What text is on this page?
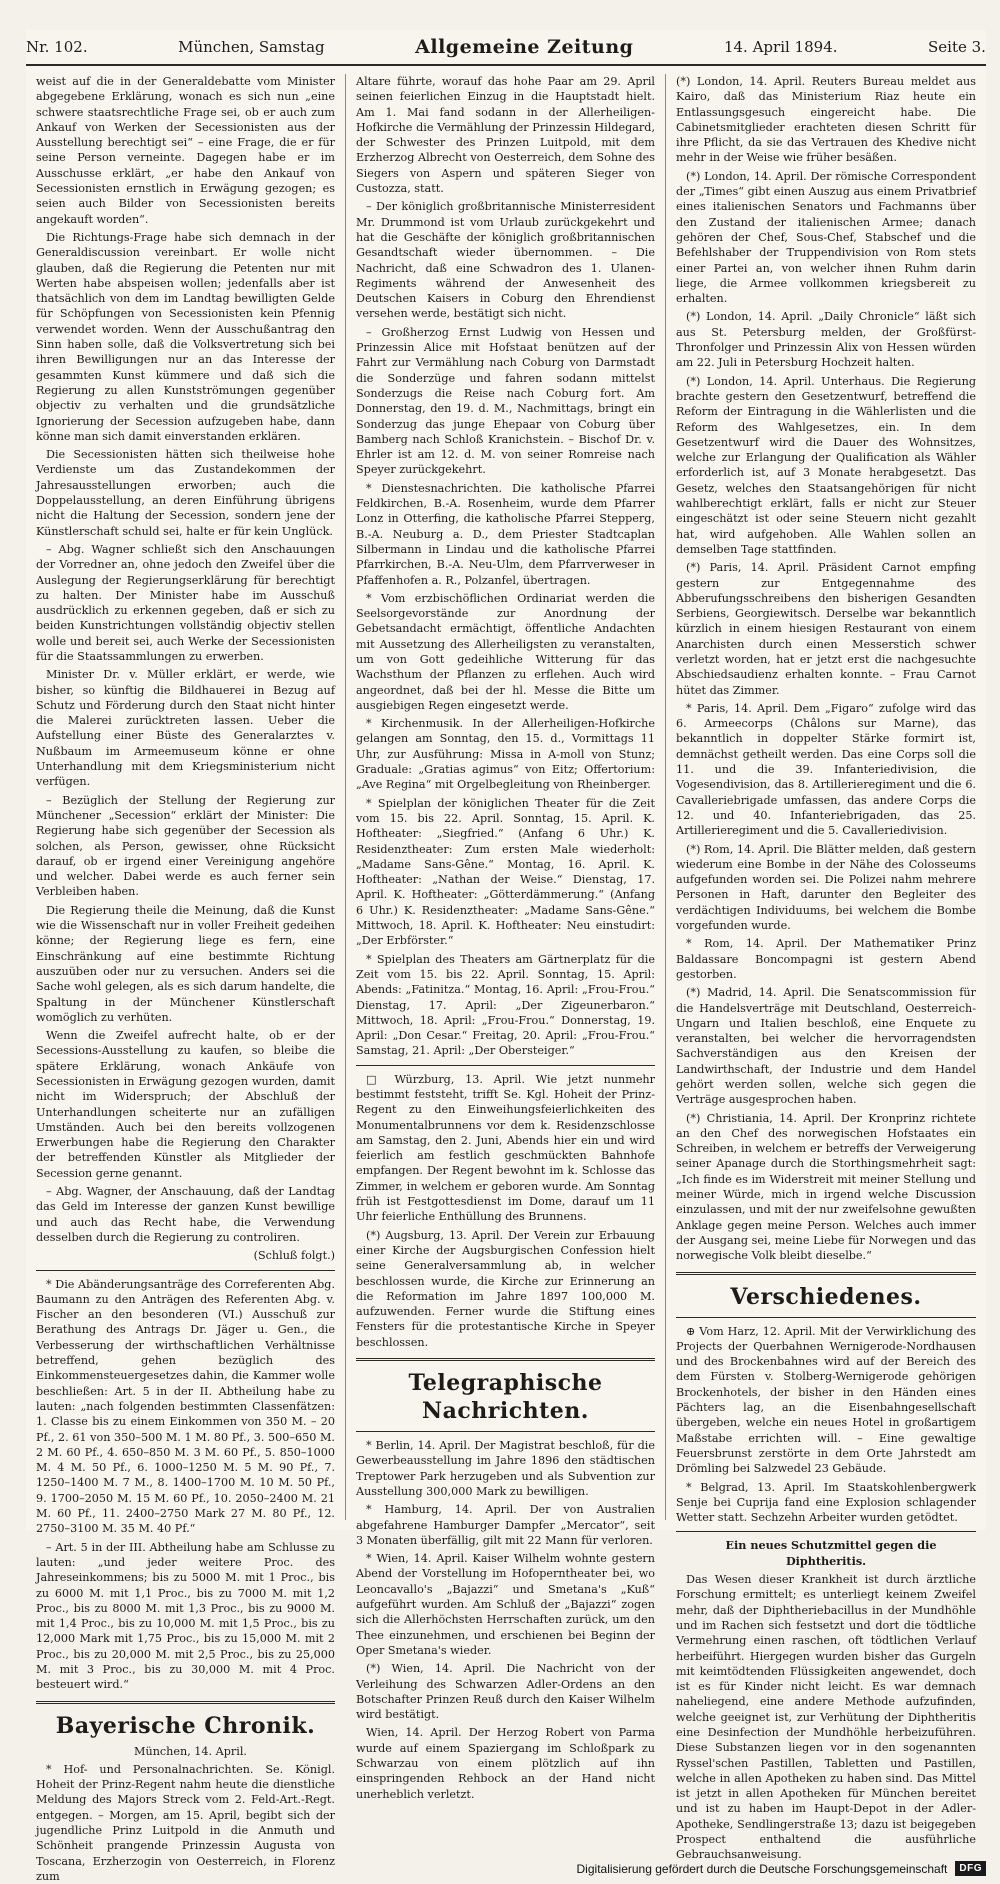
Nr. 102.	München, Samstag	Allgemeine Zeitung	14. April 1894.	Seite 3.

weist auf die in der Generaldebatte vom Minister abgegebene Erklärung, wonach es sich nun „eine schwere staatsrechtliche Frage sei, ob er auch zum Ankauf von Werken der Secessionisten aus der Ausstellung berechtigt sei“ – eine Frage, die er für seine Person verneinte. Dagegen habe er im Ausschusse erklärt, „er habe den Ankauf von Secessionisten ernstlich in Erwägung gezogen; es seien auch Bilder von Secessionisten bereits angekauft worden“.

Die Richtungs-Frage habe sich demnach in der Generaldiscussion vereinbart. Er wolle nicht glauben, daß die Regierung die Petenten nur mit Werten habe abspeisen wollen; jedenfalls aber ist thatsächlich von dem im Landtag bewilligten Gelde für Schöpfungen von Secessionisten kein Pfennig verwendet worden. Wenn der Ausschußantrag den Sinn haben solle, daß die Volksvertretung sich bei ihren Bewilligungen nur an das Interesse der gesammten Kunst kümmere und daß sich die Regierung zu allen Kunstströmungen gegenüber objectiv zu verhalten und die grundsätzliche Ignorierung der Secession aufzugeben habe, dann könne man sich damit einverstanden erklären.

Die Secessionisten hätten sich theilweise hohe Verdienste um das Zustandekommen der Jahresausstellungen erworben; auch die Doppelausstellung, an deren Einführung übrigens nicht die Haltung der Secession, sondern jene der Künstlerschaft schuld sei, halte er für kein Unglück.

– Abg. Wagner schließt sich den Anschauungen der Vorredner an, ohne jedoch den Zweifel über die Auslegung der Regierungserklärung für berechtigt zu halten. Der Minister habe im Ausschuß ausdrücklich zu erkennen gegeben, daß er sich zu beiden Kunstrichtungen vollständig objectiv stellen wolle und bereit sei, auch Werke der Secessionisten für die Staatssammlungen zu erwerben.

Minister Dr. v. Müller erklärt, er werde, wie bisher, so künftig die Bildhauerei in Bezug auf Schutz und Förderung durch den Staat nicht hinter die Malerei zurücktreten lassen. Ueber die Aufstellung einer Büste des Generalarztes v. Nußbaum im Armeemuseum könne er ohne Unterhandlung mit dem Kriegsministerium nicht verfügen.

– Bezüglich der Stellung der Regierung zur Münchener „Secession“ erklärt der Minister: Die Regierung habe sich gegenüber der Secession als solchen, als Person, gewisser, ohne Rücksicht darauf, ob er irgend einer Vereinigung angehöre und welcher. Dabei werde es auch ferner sein Verbleiben haben.

Die Regierung theile die Meinung, daß die Kunst wie die Wissenschaft nur in voller Freiheit gedeihen könne; der Regierung liege es fern, eine Einschränkung auf eine bestimmte Richtung auszuüben oder nur zu versuchen. Anders sei die Sache wohl gelegen, als es sich darum handelte, die Spaltung in der Münchener Künstlerschaft womöglich zu verhüten.

Wenn die Zweifel aufrecht halte, ob er der Secessions-Ausstellung zu kaufen, so bleibe die spätere Erklärung, wonach Ankäufe von Secessionisten in Erwägung gezogen wurden, damit nicht im Widerspruch; der Abschluß der Unterhandlungen scheiterte nur an zufälligen Umständen. Auch bei den bereits vollzogenen Erwerbungen habe die Regierung den Charakter der betreffenden Künstler als Mitglieder der Secession gerne genannt.

– Abg. Wagner, der Anschauung, daß der Landtag das Geld im Interesse der ganzen Kunst bewillige und auch das Recht habe, die Verwendung desselben durch die Regierung zu controliren.

(Schluß folgt.)

* Die Abänderungsanträge des Correferenten Abg. Baumann zu den Anträgen des Referenten Abg. v. Fischer an den besonderen (VI.) Ausschuß zur Berathung des Antrags Dr. Jäger u. Gen., die Verbesserung der wirthschaftlichen Verhältnisse betreffend, gehen bezüglich des Einkommensteuergesetzes dahin, die Kammer wolle beschließen: Art. 5 in der II. Abtheilung habe zu lauten: „nach folgenden bestimmten Classenfätzen: 1. Classe bis zu einem Einkommen von 350 M. – 20 Pf., 2. 61 von 350–500 M. 1 M. 80 Pf., 3. 500–650 M. 2 M. 60 Pf., 4. 650–850 M. 3 M. 60 Pf., 5. 850–1000 M. 4 M. 50 Pf., 6. 1000–1250 M. 5 M. 90 Pf., 7. 1250–1400 M. 7 M., 8. 1400–1700 M. 10 M. 50 Pf., 9. 1700–2050 M. 15 M. 60 Pf., 10. 2050–2400 M. 21 M. 60 Pf., 11. 2400–2750 Mark 27 M. 80 Pf., 12. 2750–3100 M. 35 M. 40 Pf.“

– Art. 5 in der III. Abtheilung habe am Schlusse zu lauten: „und jeder weitere Proc. des Jahreseinkommens; bis zu 5000 M. mit 1 Proc., bis zu 6000 M. mit 1,1 Proc., bis zu 7000 M. mit 1,2 Proc., bis zu 8000 M. mit 1,3 Proc., bis zu 9000 M. mit 1,4 Proc., bis zu 10,000 M. mit 1,5 Proc., bis zu 12,000 Mark mit 1,75 Proc., bis zu 15,000 M. mit 2 Proc., bis zu 20,000 M. mit 2,5 Proc., bis zu 25,000 M. mit 3 Proc., bis zu 30,000 M. mit 4 Proc. besteuert wird.“

Bayerische Chronik.

München, 14. April.

* Hof- und Personalnachrichten. Se. Königl. Hoheit der Prinz-Regent nahm heute die dienstliche Meldung des Majors Streck vom 2. Feld-Art.-Regt. entgegen. – Morgen, am 15. April, begibt sich der jugendliche Prinz Luitpold in die Anmuth und Schönheit prangende Prinzessin Augusta von Toscana, Erzherzogin von Oesterreich, in Florenz zum

Altare führte, worauf das hohe Paar am 29. April seinen feierlichen Einzug in die Hauptstadt hielt. Am 1. Mai fand sodann in der Allerheiligen-Hofkirche die Vermählung der Prinzessin Hildegard, der Schwester des Prinzen Luitpold, mit dem Erzherzog Albrecht von Oesterreich, dem Sohne des Siegers von Aspern und späteren Sieger von Custozza, statt.

– Der königlich großbritannische Ministerresident Mr. Drummond ist vom Urlaub zurückgekehrt und hat die Geschäfte der königlich großbritannischen Gesandtschaft wieder übernommen. – Die Nachricht, daß eine Schwadron des 1. Ulanen-Regiments während der Anwesenheit des Deutschen Kaisers in Coburg den Ehrendienst versehen werde, bestätigt sich nicht.

– Großherzog Ernst Ludwig von Hessen und Prinzessin Alice mit Hofstaat benützen auf der Fahrt zur Vermählung nach Coburg von Darmstadt die Sonderzüge und fahren sodann mittelst Sonderzugs die Reise nach Coburg fort. Am Donnerstag, den 19. d. M., Nachmittags, bringt ein Sonderzug das junge Ehepaar von Coburg über Bamberg nach Schloß Kranichstein. – Bischof Dr. v. Ehrler ist am 12. d. M. von seiner Romreise nach Speyer zurückgekehrt.

* Dienstesnachrichten. Die katholische Pfarrei Feldkirchen, B.-A. Rosenheim, wurde dem Pfarrer Lonz in Otterfing, die katholische Pfarrei Stepperg, B.-A. Neuburg a. D., dem Priester Stadtcaplan Silbermann in Lindau und die katholische Pfarrei Pfarrkirchen, B.-A. Neu-Ulm, dem Pfarrverweser in Pfaffenhofen a. R., Polzanfel, übertragen.

* Vom erzbischöflichen Ordinariat werden die Seelsorgevorstände zur Anordnung der Gebetsandacht ermächtigt, öffentliche Andachten mit Aussetzung des Allerheiligsten zu veranstalten, um von Gott gedeihliche Witterung für das Wachsthum der Pflanzen zu erflehen. Auch wird angeordnet, daß bei der hl. Messe die Bitte um ausgiebigen Regen eingesetzt werde.

* Kirchenmusik. In der Allerheiligen-Hofkirche gelangen am Sonntag, den 15. d., Vormittags 11 Uhr, zur Ausführung: Missa in A-moll von Stunz; Graduale: „Gratias agimus“ von Eitz; Offertorium: „Ave Regina“ mit Orgelbegleitung von Rheinberger.

* Spielplan der königlichen Theater für die Zeit vom 15. bis 22. April. Sonntag, 15. April. K. Hoftheater: „Siegfried.“ (Anfang 6 Uhr.) K. Residenztheater: Zum ersten Male wiederholt: „Madame Sans-Gêne.“ Montag, 16. April. K. Hoftheater: „Nathan der Weise.“ Dienstag, 17. April. K. Hoftheater: „Götterdämmerung.“ (Anfang 6 Uhr.) K. Residenztheater: „Madame Sans-Gêne.“ Mittwoch, 18. April. K. Hoftheater: Neu einstudirt: „Der Erbförster.“

* Spielplan des Theaters am Gärtnerplatz für die Zeit vom 15. bis 22. April. Sonntag, 15. April: Abends: „Fatinitza.“ Montag, 16. April: „Frou-Frou.“ Dienstag, 17. April: „Der Zigeunerbaron.“ Mittwoch, 18. April: „Frou-Frou.“ Donnerstag, 19. April: „Don Cesar.“ Freitag, 20. April: „Frou-Frou.“ Samstag, 21. April: „Der Obersteiger.“

□ Würzburg, 13. April. Wie jetzt nunmehr bestimmt feststeht, trifft Se. Kgl. Hoheit der Prinz-Regent zu den Einweihungsfeierlichkeiten des Monumentalbrunnens vor dem k. Residenzschlosse am Samstag, den 2. Juni, Abends hier ein und wird feierlich am festlich geschmückten Bahnhofe empfangen. Der Regent bewohnt im k. Schlosse das Zimmer, in welchem er geboren wurde. Am Sonntag früh ist Festgottesdienst im Dome, darauf um 11 Uhr feierliche Enthüllung des Brunnens.

(*) Augsburg, 13. April. Der Verein zur Erbauung einer Kirche der Augsburgischen Confession hielt seine Generalversammlung ab, in welcher beschlossen wurde, die Kirche zur Erinnerung an die Reformation im Jahre 1897 100,000 M. aufzuwenden. Ferner wurde die Stiftung eines Fensters für die protestantische Kirche in Speyer beschlossen.

Telegraphische Nachrichten.

* Berlin, 14. April. Der Magistrat beschloß, für die Gewerbeausstellung im Jahre 1896 den städtischen Treptower Park herzugeben und als Subvention zur Ausstellung 300,000 Mark zu bewilligen.

* Hamburg, 14. April. Der von Australien abgefahrene Hamburger Dampfer „Mercator“, seit 3 Monaten überfällig, gilt mit 22 Mann für verloren.

* Wien, 14. April. Kaiser Wilhelm wohnte gestern Abend der Vorstellung im Hofoperntheater bei, wo Leoncavallo's „Bajazzi“ und Smetana's „Kuß“ aufgeführt wurden. Am Schluß der „Bajazzi“ zogen sich die Allerhöchsten Herrschaften zurück, um den Thee einzunehmen, und erschienen bei Beginn der Oper Smetana's wieder.

(*) Wien, 14. April. Die Nachricht von der Verleihung des Schwarzen Adler-Ordens an den Botschafter Prinzen Reuß durch den Kaiser Wilhelm wird bestätigt.

Wien, 14. April. Der Herzog Robert von Parma wurde auf einem Spaziergang im Schloßpark zu Schwarzau von einem plötzlich auf ihn einspringenden Rehbock an der Hand nicht unerheblich verletzt.

(*) London, 14. April. Reuters Bureau meldet aus Kairo, daß das Ministerium Riaz heute ein Entlassungsgesuch eingereicht habe. Die Cabinetsmitglieder erachteten diesen Schritt für ihre Pflicht, da sie das Vertrauen des Khedive nicht mehr in der Weise wie früher besäßen.

(*) London, 14. April. Der römische Correspondent der „Times“ gibt einen Auszug aus einem Privatbrief eines italienischen Senators und Fachmanns über den Zustand der italienischen Armee; danach gehören der Chef, Sous-Chef, Stabschef und die Befehlshaber der Truppendivision von Rom stets einer Partei an, von welcher ihnen Ruhm darin liege, die Armee vollkommen kriegsbereit zu erhalten.

(*) London, 14. April. „Daily Chronicle“ läßt sich aus St. Petersburg melden, der Großfürst-Thronfolger und Prinzessin Alix von Hessen würden am 22. Juli in Petersburg Hochzeit halten.

(*) London, 14. April. Unterhaus. Die Regierung brachte gestern den Gesetzentwurf, betreffend die Reform der Eintragung in die Wählerlisten und die Reform des Wahlgesetzes, ein. In dem Gesetzentwurf wird die Dauer des Wohnsitzes, welche zur Erlangung der Qualification als Wähler erforderlich ist, auf 3 Monate herabgesetzt. Das Gesetz, welches den Staatsangehörigen für nicht wahlberechtigt erklärt, falls er nicht zur Steuer eingeschätzt ist oder seine Steuern nicht gezahlt hat, wird aufgehoben. Alle Wahlen sollen an demselben Tage stattfinden.

(*) Paris, 14. April. Präsident Carnot empfing gestern zur Entgegennahme des Abberufungsschreibens den bisherigen Gesandten Serbiens, Georgiewitsch. Derselbe war bekanntlich kürzlich in einem hiesigen Restaurant von einem Anarchisten durch einen Messerstich schwer verletzt worden, hat er jetzt erst die nachgesuchte Abschiedsaudienz erhalten konnte. – Frau Carnot hütet das Zimmer.

* Paris, 14. April. Dem „Figaro“ zufolge wird das 6. Armeecorps (Châlons sur Marne), das bekanntlich in doppelter Stärke formirt ist, demnächst getheilt werden. Das eine Corps soll die 11. und die 39. Infanteriedivision, die Vogesendivision, das 8. Artillerieregiment und die 6. Cavalleriebrigade umfassen, das andere Corps die 12. und 40. Infanteriebrigaden, das 25. Artillerieregiment und die 5. Cavalleriedivision.

(*) Rom, 14. April. Die Blätter melden, daß gestern wiederum eine Bombe in der Nähe des Colosseums aufgefunden worden sei. Die Polizei nahm mehrere Personen in Haft, darunter den Begleiter des verdächtigen Individuums, bei welchem die Bombe vorgefunden wurde.

* Rom, 14. April. Der Mathematiker Prinz Baldassare Boncompagni ist gestern Abend gestorben.

(*) Madrid, 14. April. Die Senatscommission für die Handelsverträge mit Deutschland, Oesterreich-Ungarn und Italien beschloß, eine Enquete zu veranstalten, bei welcher die hervorragendsten Sachverständigen aus den Kreisen der Landwirthschaft, der Industrie und dem Handel gehört werden sollen, welche sich gegen die Verträge ausgesprochen haben.

(*) Christiania, 14. April. Der Kronprinz richtete an den Chef des norwegischen Hofstaates ein Schreiben, in welchem er betreffs der Verweigerung seiner Apanage durch die Storthingsmehrheit sagt: „Ich finde es im Widerstreit mit meiner Stellung und meiner Würde, mich in irgend welche Discussion einzulassen, und mit der nur zweifelsohne gewußten Anklage gegen meine Person. Welches auch immer der Ausgang sei, meine Liebe für Norwegen und das norwegische Volk bleibt dieselbe.“

Verschiedenes.

⊕ Vom Harz, 12. April. Mit der Verwirklichung des Projects der Querbahnen Wernigerode-Nordhausen und des Brockenbahnes wird auf der Bereich des dem Fürsten v. Stolberg-Wernigerode gehörigen Brockenhotels, der bisher in den Händen eines Pächters lag, an die Eisenbahngesellschaft übergeben, welche ein neues Hotel in großartigem Maßstabe errichten will. – Eine gewaltige Feuersbrunst zerstörte in dem Orte Jahrstedt am Drömling bei Salzwedel 23 Gebäude.

* Belgrad, 13. April. Im Staatskohlenbergwerk Senje bei Cuprija fand eine Explosion schlagender Wetter statt. Sechzehn Arbeiter wurden getödtet.

Ein neues Schutzmittel gegen die Diphtheritis.

Das Wesen dieser Krankheit ist durch ärztliche Forschung ermittelt; es unterliegt keinem Zweifel mehr, daß der Diphtheriebacillus in der Mundhöhle und im Rachen sich festsetzt und dort die tödtliche Vermehrung einen raschen, oft tödtlichen Verlauf herbeiführt. Hiergegen wurden bisher das Gurgeln mit keimtödtenden Flüssigkeiten angewendet, doch ist es für Kinder nicht leicht. Es war demnach naheliegend, eine andere Methode aufzufinden, welche geeignet ist, zur Verhütung der Diphtheritis eine Desinfection der Mundhöhle herbeizuführen. Diese Substanzen liegen vor in den sogenannten Ryssel'schen Pastillen, Tabletten und Pastillen, welche in allen Apotheken zu haben sind. Das Mittel ist jetzt in allen Apotheken für München bereitet und ist zu haben im Haupt-Depot in der Adler-Apotheke, Sendlingerstraße 13; dazu ist beigegeben Prospect enthaltend die ausführliche Gebrauchsanweisung.

Digitalisierung gefördert durch die Deutsche Forschungsgemeinschaft	DFG
